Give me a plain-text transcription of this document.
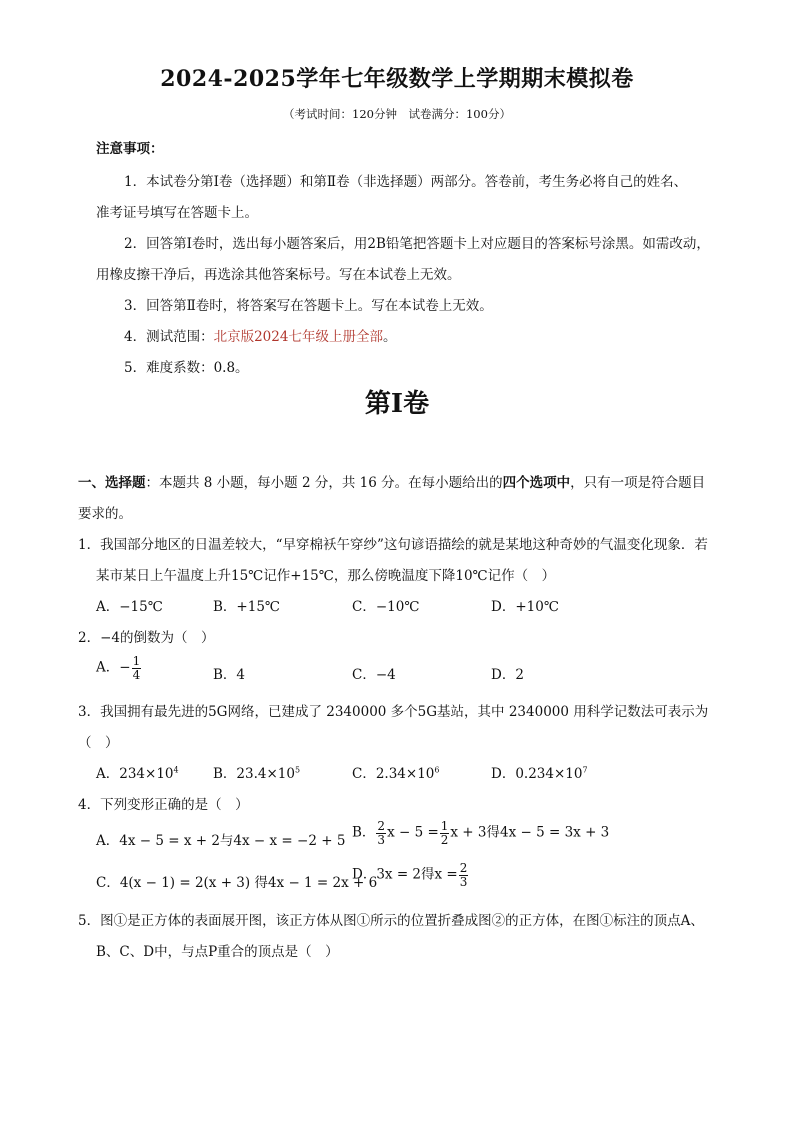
2024-2025学年七年级数学上学期期末模拟卷
（考试时间：120分钟　试卷满分：100分）
注意事项：
1．本试卷分第Ⅰ卷（选择题）和第Ⅱ卷（非选择题）两部分。答卷前，考生务必将自己的姓名、
准考证号填写在答题卡上。
2．回答第Ⅰ卷时，选出每小题答案后，用2B铅笔把答题卡上对应题目的答案标号涂黑。如需改动，
用橡皮擦干净后，再选涂其他答案标号。写在本试卷上无效。
3．回答第Ⅱ卷时，将答案写在答题卡上。写在本试卷上无效。
4．测试范围：北京版2024七年级上册全部。
5．难度系数：0.8。
第Ⅰ卷
一、选择题：本题共 8 小题，每小题 2 分，共 16 分。在每小题给出的四个选项中，只有一项是符合题目
要求的。
1．我国部分地区的日温差较大，“早穿棉袄午穿纱”这句谚语描绘的就是某地这种奇妙的气温变化现象．若
某市某日上午温度上升15℃记作+15℃，那么傍晚温度下降10℃记作（　）
A．−15℃	B．+15℃	C．−10℃	D．+10℃
2．−4的倒数为（　）
A．− $\frac{1}{4}$	B．4	C．−4	D．2
3．我国拥有最先进的5G网络，已建成了 2340000 多个5G基站，其中 2340000 用科学记数法可表示为
（　）
A．$234\times 10^4$	B．$23.4\times 10^5$	C．$2.34\times 10^6$	D．$0.234\times 10^7$
4．下列变形正确的是（　）
A．4x − 5 = x + 2与4x − x = −2 + 5
B． $\frac{2}{3}$ $x - 5 = \frac{1}{2}$ x + 3得4x − 5 = 3x + 3
C．4(x − 1) = 2(x + 3) 得4x − 1 = 2x + 6
D．3x = 2得$x = \frac{2}{3}$
5．图①是正方体的表面展开图，该正方体从图①所示的位置折叠成图②的正方体，在图①标注的顶点A、
B、C、D中，与点P重合的顶点是（　）
